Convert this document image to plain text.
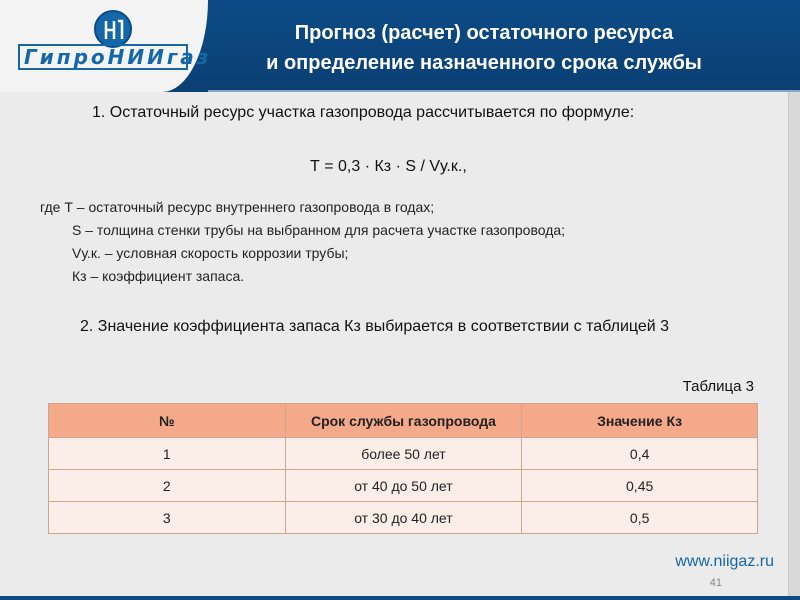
ГипроНИИгаз
Прогноз (расчет) остаточного ресурса
и определение назначенного срока службы
1. Остаточный ресурс участка газопровода рассчитывается по формуле:
Т = 0,3 · Кз · S / Vу.к.,
где Т – остаточный ресурс внутреннего газопровода в годах;
S – толщина стенки трубы на выбранном для расчета участке газопровода;
Vу.к. – условная скорость коррозии трубы;
Кз – коэффициент запаса.
2. Значение коэффициента запаса Кз выбирается в соответствии с таблицей 3
Таблица 3
№	Срок службы газопровода	Значение Кз
1	более 50 лет	0,4
2	от 40 до 50 лет	0,45
3	от 30 до 40 лет	0,5
www.niigaz.ru
41
